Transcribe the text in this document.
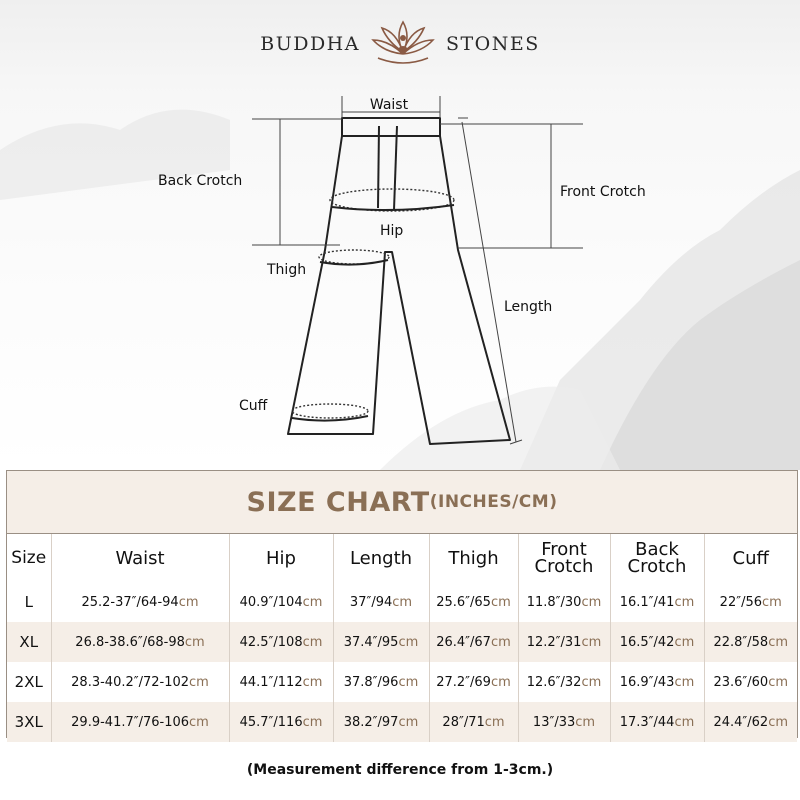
BUDDHA	STONES
Waist
Back Crotch
Front Crotch
Hip
Thigh
Length
Cuff
SIZE CHART (INCHES/CM)
Size	Waist	Hip	Length	Thigh	Front Crotch	Back Crotch	Cuff
L	25.2-37″/64-94cm	40.9″/104cm	37″/94cm	25.6″/65cm	11.8″/30cm	16.1″/41cm	22″/56cm
XL	26.8-38.6″/68-98cm	42.5″/108cm	37.4″/95cm	26.4″/67cm	12.2″/31cm	16.5″/42cm	22.8″/58cm
2XL	28.3-40.2″/72-102cm	44.1″/112cm	37.8″/96cm	27.2″/69cm	12.6″/32cm	16.9″/43cm	23.6″/60cm
3XL	29.9-41.7″/76-106cm	45.7″/116cm	38.2″/97cm	28″/71cm	13″/33cm	17.3″/44cm	24.4″/62cm
(Measurement difference from 1-3cm.)
